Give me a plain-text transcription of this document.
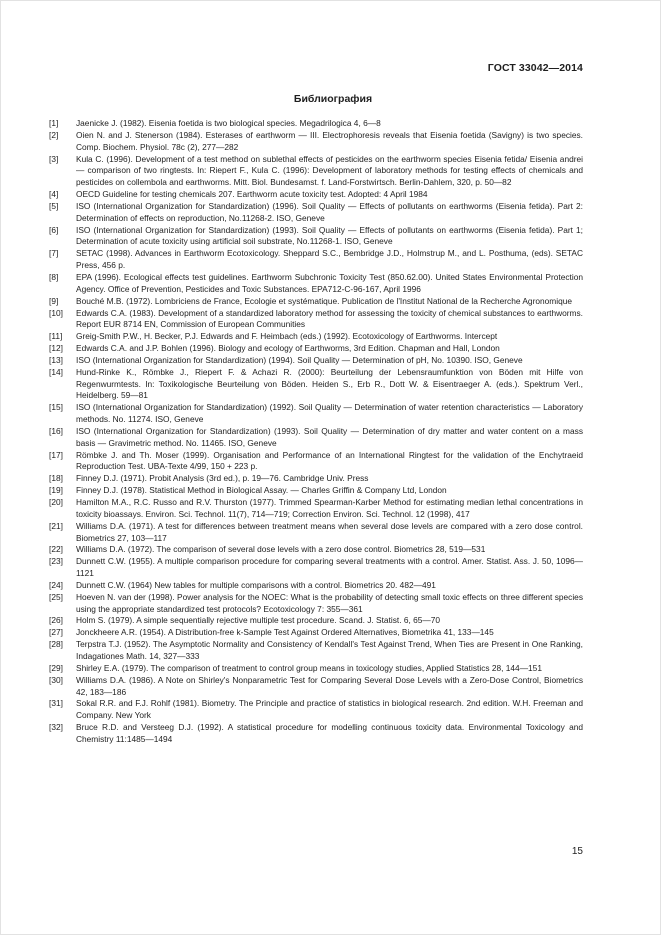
ГОСТ 33042—2014
Библиография
[1] Jaenicke J. (1982). Eisenia foetida is two biological species. Megadrilogica 4, 6—8
[2] Oien N. and J. Stenerson (1984). Esterases of earthworm — III. Electrophoresis reveals that Eisenia foetida (Savigny) is two species. Comp. Biochem. Physiol. 78c (2), 277—282
[3] Kula C. (1996). Development of a test method on sublethal effects of pesticides on the earthworm species Eisenia fetida/ Eisenia andrei — comparison of two ringtests. In: Riepert F., Kula C. (1996): Development of laboratory methods for testing effects of chemicals and pesticides on collembola and earthworms. Mitt. Biol. Bundesamst. f. Land-Forstwirtsch. Berlin-Dahlem, 320, p. 50—82
[4] OECD Guideline for testing chemicals 207. Earthworm acute toxicity test. Adopted: 4 April 1984
[5] ISO (International Organization for Standardization) (1996). Soil Quality — Effects of pollutants on earthworms (Eisenia fetida). Part 2: Determination of effects on reproduction, No.11268-2. ISO, Geneve
[6] ISO (International Organization for Standardization) (1993). Soil Quality — Effects of pollutants on earthworms (Eisenia fetida). Part 1; Determination of acute toxicity using artificial soil substrate, No.11268-1. ISO, Geneve
[7] SETAC (1998). Advances in Earthworm Ecotoxicology. Sheppard S.C., Bembridge J.D., Holmstrup M., and L. Posthuma, (eds). SETAC Press, 456 p.
[8] EPA (1996). Ecological effects test guidelines. Earthworm Subchronic Toxicity Test (850.62.00). United States Environmental Protection Agency. Office of Prevention, Pesticides and Toxic Substances. EPA712-C-96-167, April 1996
[9] Bouché M.B. (1972). Lombriciens de France, Ecologie et systématique. Publication de l'Institut National de la Recherche Agronomique
[10] Edwards C.A. (1983). Development of a standardized laboratory method for assessing the toxicity of chemical substances to earthworms. Report EUR 8714 EN, Commission of European Communities
[11] Greig-Smith P.W., H. Becker, P.J. Edwards and F. Heimbach (eds.) (1992). Ecotoxicology of Earthworms. Intercept
[12] Edwards C.A. and J.P. Bohlen (1996). Biology and ecology of Earthworms, 3rd Edition. Chapman and Hall, London
[13] ISO (International Organization for Standardization) (1994). Soil Quality — Determination of pH, No. 10390. ISO, Geneve
[14] Hund-Rinke K., Römbke J., Riepert F. & Achazi R. (2000): Beurteilung der Lebensraumfunktion von Böden mit Hilfe von Regenwurmtests. In: Toxikologische Beurteilung von Böden. Heiden S., Erb R., Dott W. & Eisentraeger A. (eds.). Spektrum Verl., Heidelberg. 59—81
[15] ISO (International Organization for Standardization) (1992). Soil Quality — Determination of water retention characteristics — Laboratory methods. No. 11274. ISO, Geneve
[16] ISO (International Organization for Standardization) (1993). Soil Quality — Determination of dry matter and water content on a mass basis — Gravimetric method. No. 11465. ISO, Geneve
[17] Römbke J. and Th. Moser (1999). Organisation and Performance of an International Ringtest for the validation of the Enchytraeid Reproduction Test. UBA-Texte 4/99, 150 + 223 p.
[18] Finney D.J. (1971). Probit Analysis (3rd ed.), p. 19—76. Cambridge Univ. Press
[19] Finney D.J. (1978). Statistical Method in Biological Assay. — Charles Griffin & Company Ltd, London
[20] Hamilton M.A., R.C. Russo and R.V. Thurston (1977). Trimmed Spearman-Karber Method for estimating median lethal concentrations in toxicity bioassays. Environ. Sci. Technol. 11(7), 714—719; Correction Environ. Sci. Technol. 12 (1998), 417
[21] Williams D.A. (1971). A test for differences between treatment means when several dose levels are compared with a zero dose control. Biometrics 27, 103—117
[22] Williams D.A. (1972). The comparison of several dose levels with a zero dose control. Biometrics 28, 519—531
[23] Dunnett C.W. (1955). A multiple comparison procedure for comparing several treatments with a control. Amer. Statist. Ass. J. 50, 1096—1121
[24] Dunnett C.W. (1964) New tables for multiple comparisons with a control. Biometrics 20. 482—491
[25] Hoeven N. van der (1998). Power analysis for the NOEC: What is the probability of detecting small toxic effects on three different species using the appropriate standardized test protocols? Ecotoxicology 7: 355—361
[26] Holm S. (1979). A simple sequentially rejective multiple test procedure. Scand. J. Statist. 6, 65—70
[27] Jonckheere A.R. (1954). A Distribution-free k-Sample Test Against Ordered Alternatives, Biometrika 41, 133—145
[28] Terpstra T.J. (1952). The Asymptotic Normality and Consistency of Kendall's Test Against Trend, When Ties are Present in One Ranking, Indagationes Math. 14, 327—333
[29] Shirley E.A. (1979). The comparison of treatment to control group means in toxicology studies, Applied Statistics 28, 144—151
[30] Williams D.A. (1986). A Note on Shirley's Nonparametric Test for Comparing Several Dose Levels with a Zero-Dose Control, Biometrics 42, 183—186
[31] Sokal R.R. and F.J. Rohlf (1981). Biometry. The Principle and practice of statistics in biological research. 2nd edition. W.H. Freeman and Company. New York
[32] Bruce R.D. and Versteeg D.J. (1992). A statistical procedure for modelling continuous toxicity data. Environmental Toxicology and Chemistry 11:1485—1494
15
